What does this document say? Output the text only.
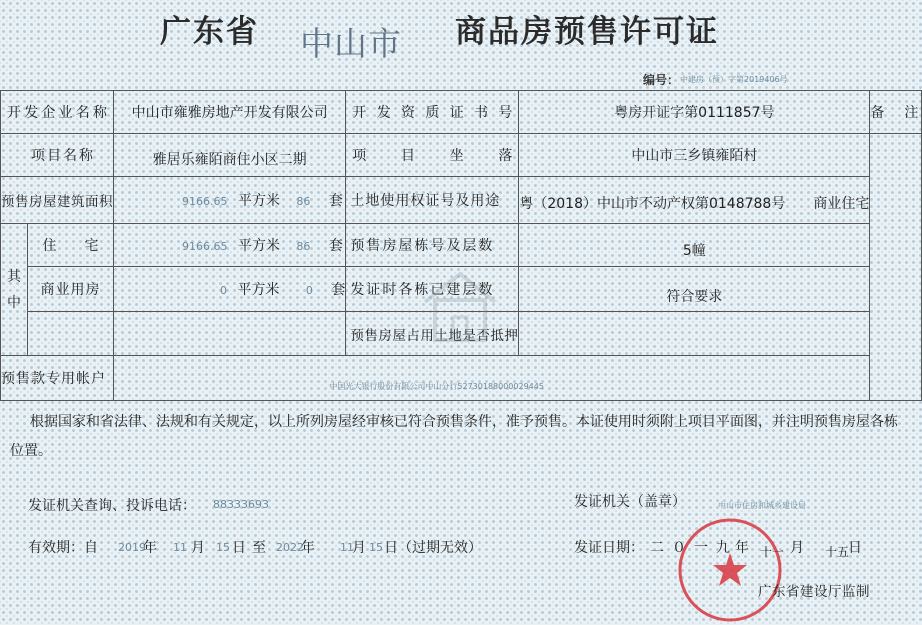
广东省 中山市 商品房预售许可证
编号： 中建房（预）字第2019406号
开发企业名称		中山市雍雅房地产开发有限公司	开发资质证书号	粤房开证字第0111857号	备　注
项目名称		雅居乐雍陌商住小区二期	项目坐落	中山市三乡镇雍陌村	
预售房屋建筑面积		9166.65 平方米 86 套	土地使用权证号及用途	粤（2018）中山市不动产权第0148788号　　商业住宅	

其中	住　　宅	9166.65 平方米 86 套	预售房屋栋号及层数	5幢	
	商业用房	0 平方米 0 套	发证时各栋已建层数	符合要求	
			预售房屋占用土地是否抵押		
预售款专用帐户		中国光大银行股份有限公司中山分行52730188000029445			
根据国家和省法律、法规和有关规定，以上所列房屋经审核已符合预售条件，准予预售。本证使用时须附上项目平面图，并注明预售房屋各栋位置。
发证机关查询、投诉电话： 88333693	发证机关（盖章）	中山市住房和城乡建设局
有效期：自 2019
年 11 月 15 日 至 2022
年 11
月 15 日（过期无效）	发证日期： 二０一九
年 十一 月 十五
日
广东省建设厅监制
